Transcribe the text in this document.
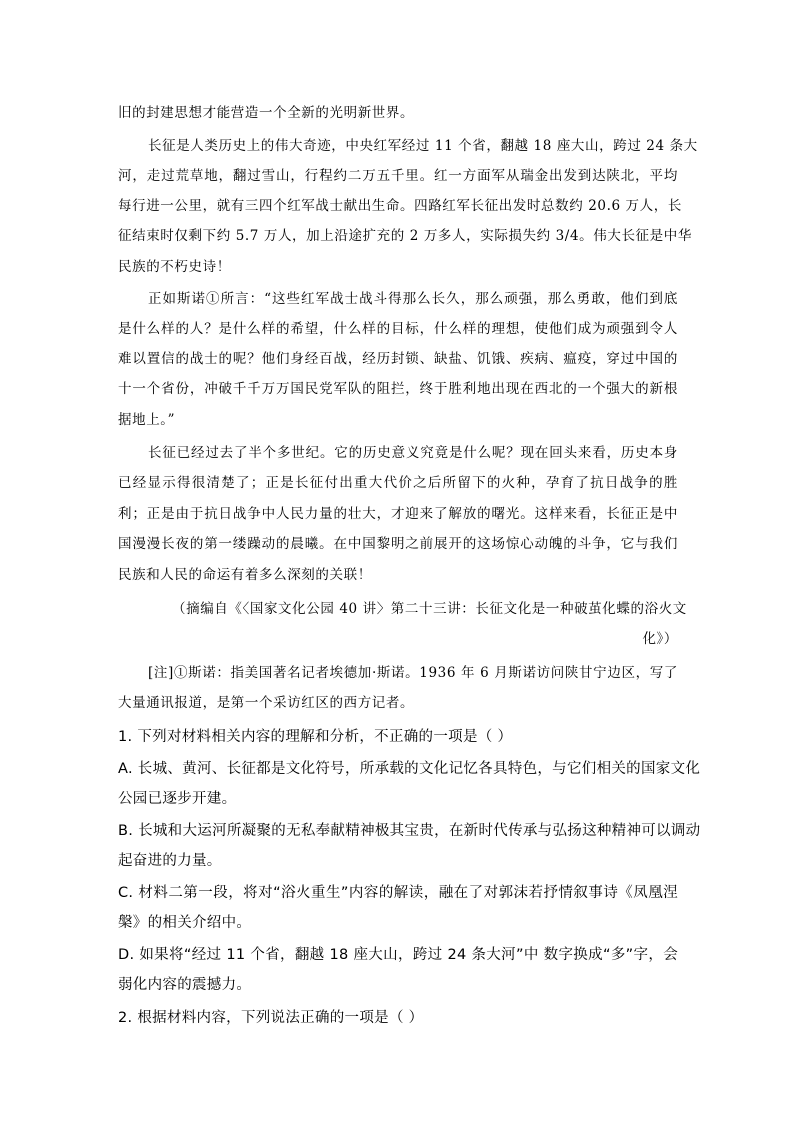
旧的封建思想才能营造一个全新的光明新世界。
长征是人类历史上的伟大奇迹，中央红军经过 11 个省，翻越 18 座大山，跨过 24 条大
河，走过荒草地，翻过雪山，行程约二万五千里。红一方面军从瑞金出发到达陕北，平均
每行进一公里，就有三四个红军战士献出生命。四路红军长征出发时总数约 20.6 万人，长
征结束时仅剩下约 5.7 万人，加上沿途扩充的 2 万多人，实际损失约 3/4。伟大长征是中华
民族的不朽史诗！
正如斯诺①所言：“这些红军战士战斗得那么长久，那么顽强，那么勇敢，他们到底
是什么样的人？是什么样的希望，什么样的目标，什么样的理想，使他们成为顽强到令人
难以置信的战士的呢？他们身经百战，经历封锁、缺盐、饥饿、疾病、瘟疫，穿过中国的
十一个省份，冲破千千万万国民党军队的阻拦，终于胜利地出现在西北的一个强大的新根
据地上。”
长征已经过去了半个多世纪。它的历史意义究竟是什么呢？现在回头来看，历史本身
已经显示得很清楚了；正是长征付出重大代价之后所留下的火种，孕育了抗日战争的胜
利；正是由于抗日战争中人民力量的壮大，才迎来了解放的曙光。这样来看，长征正是中
国漫漫长夜的第一缕躁动的晨曦。在中国黎明之前展开的这场惊心动魄的斗争，它与我们
民族和人民的命运有着多么深刻的关联！
（摘编自《〈国家文化公园 40 讲〉第二十三讲：长征文化是一种破茧化蝶的浴火文
化》）
[注]①斯诺：指美国著名记者埃德加·斯诺。1936 年 6 月斯诺访问陕甘宁边区，写了
大量通讯报道，是第一个采访红区的西方记者。
1. 下列对材料相关内容的理解和分析，不正确的一项是（ ）
A. 长城、黄河、长征都是文化符号，所承载的文化记忆各具特色，与它们相关的国家文化
公园已逐步开建。
B. 长城和大运河所凝聚的无私奉献精神极其宝贵，在新时代传承与弘扬这种精神可以调动
起奋进的力量。
C. 材料二第一段，将对“浴火重生”内容的解读，融在了对郭沫若抒情叙事诗《凤凰涅
槃》的相关介绍中。
D. 如果将“经过 11 个省，翻越 18 座大山，跨过 24 条大河”中 数字换成“多”字，会
弱化内容的震撼力。
2. 根据材料内容，下列说法正确的一项是（ ）
